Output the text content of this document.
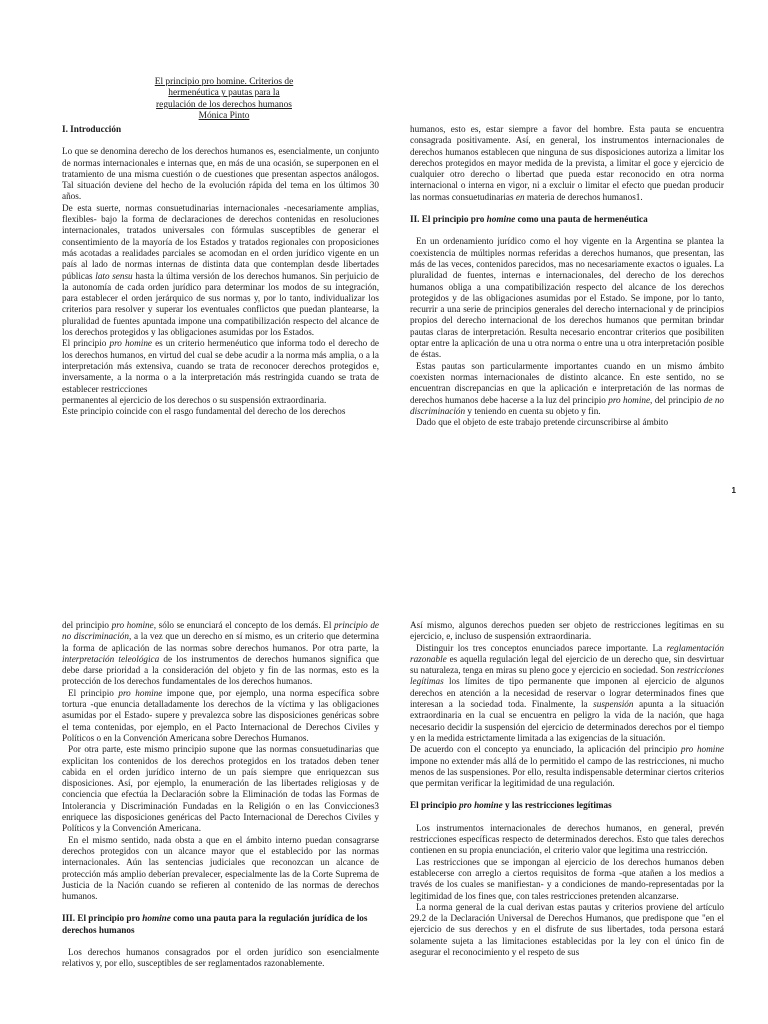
El principio pro homine. Criterios de
hermenéutica y pautas para la
regulación de los derechos humanos
Mónica Pinto

I. Introducción

Lo que se denomina derecho de los derechos humanos es, esencialmente, un conjunto de normas internacionales e internas que, en más de una ocasión, se superponen en el tratamiento de una misma cuestión o de cuestiones que presentan aspectos análogos. Tal situación deviene del hecho de la evolución rápida del tema en los últimos 30 años.

De esta suerte, normas consuetudinarias internacionales -necesariamente amplias, flexibles- bajo la forma de declaraciones de derechos contenidas en resoluciones internacionales, tratados universales con fórmulas susceptibles de generar el consentimiento de la mayoría de los Estados y tratados regionales con proposiciones más acotadas a realidades parciales se acomodan en el orden jurídico vigente en un país al lado de normas internas de distinta data que contemplan desde libertades públicas lato sensu hasta la última versión de los derechos humanos. Sin perjuicio de la autonomía de cada orden jurídico para determinar los modos de su integración, para establecer el orden jerárquico de sus normas y, por lo tanto, individualizar los criterios para resolver y superar los eventuales conflictos que puedan plantearse, la pluralidad de fuentes apuntada impone una compatibilización respecto del alcance de los derechos protegidos y las obligaciones asumidas por los Estados.

El principio pro homine es un criterio hermenéutico que informa todo el derecho de los derechos humanos, en virtud del cual se debe acudir a la norma más amplia, o a la interpretación más extensiva, cuando se trata de reconocer derechos protegidos e, inversamente, a la norma o a la interpretación más restringida cuando se trata de establecer restricciones

permanentes al ejercicio de los derechos o su suspensión extraordinaria.

Este principio coincide con el rasgo fundamental del derecho de los derechos

humanos, esto es, estar siempre a favor del hombre. Esta pauta se encuentra consagrada positivamente. Así, en general, los instrumentos internacionales de derechos humanos establecen que ninguna de sus disposiciones autoriza a limitar los derechos protegidos en mayor medida de la prevista, a limitar el goce y ejercicio de cualquier otro derecho o libertad que pueda estar reconocido en otra norma internacional o interna en vigor, ni a excluir o limitar el efecto que puedan producir las normas consuetudinarias en materia de derechos humanos1.

II. El principio pro homine como una pauta de hermenéutica

En un ordenamiento jurídico como el hoy vigente en la Argentina se plantea la coexistencia de múltiples normas referidas a derechos humanos, que presentan, las más de las veces, contenidos parecidos, mas no necesariamente exactos o iguales. La pluralidad de fuentes, internas e internacionales, del derecho de los derechos humanos obliga a una compatibilización respecto del alcance de los derechos protegidos y de las obligaciones asumidas por el Estado. Se impone, por lo tanto, recurrir a una serie de principios generales del derecho internacional y de principios propios del derecho internacional de los derechos humanos que permitan brindar pautas claras de interpretación. Resulta necesario encontrar criterios que posibiliten optar entre la aplicación de una u otra norma o entre una u otra interpretación posible de éstas.

Estas pautas son particularmente importantes cuando en un mismo ámbito coexisten normas internacionales de distinto alcance. En este sentido, no se encuentran discrepancias en que la aplicación e interpretación de las normas de derechos humanos debe hacerse a la luz del principio pro homine, del principio de no discriminación y teniendo en cuenta su objeto y fin.

Dado que el objeto de este trabajo pretende circunscribirse al ámbito

1

del principio pro homine, sólo se enunciará el concepto de los demás. El principio de no discriminación, a la vez que un derecho en sí mismo, es un criterio que determina la forma de aplicación de las normas sobre derechos humanos. Por otra parte, la interpretación teleológica de los instrumentos de derechos humanos significa que debe darse prioridad a la consideración del objeto y fin de las normas, esto es la protección de los derechos fundamentales de los derechos humanos.

El principio pro homine impone que, por ejemplo, una norma específica sobre tortura -que enuncia detalladamente los derechos de la víctima y las obligaciones asumidas por el Estado- supere y prevalezca sobre las disposiciones genéricas sobre el tema contenidas, por ejemplo, en el Pacto Internacional de Derechos Civiles y Políticos o en la Convención Americana sobre Derechos Humanos.

Por otra parte, este mismo principio supone que las normas consuetudinarias que explicitan los contenidos de los derechos protegidos en los tratados deben tener cabida en el orden jurídico interno de un país siempre que enriquezcan sus disposiciones. Así, por ejemplo, la enumeración de las libertades religiosas y de conciencia que efectúa la Declaración sobre la Eliminación de todas las Formas de Intolerancia y Discriminación Fundadas en la Religión o en las Convicciones3 enriquece las disposiciones genéricas del Pacto Internacional de Derechos Civiles y Políticos y la Convención Americana.

En el mismo sentido, nada obsta a que en el ámbito interno puedan consagrarse derechos protegidos con un alcance mayor que el establecido por las normas internacionales. Aún las sentencias judiciales que reconozcan un alcance de protección más amplio deberían prevalecer, especialmente las de la Corte Suprema de Justicia de la Nación cuando se refieren al contenido de las normas de derechos humanos.

III. El principio pro homine como una pauta para la regulación jurídica de los derechos humanos

Los derechos humanos consagrados por el orden jurídico son esencialmente relativos y, por ello, susceptibles de ser reglamentados razonablemente.

Así mismo, algunos derechos pueden ser objeto de restricciones legítimas en su ejercicio, e, incluso de suspensión extraordinaria.

Distinguir los tres conceptos enunciados parece importante. La reglamentación razonable es aquella regulación legal del ejercicio de un derecho que, sin desvirtuar su naturaleza, tenga en miras su pleno goce y ejercicio en sociedad. Son restricciones legítimas los límites de tipo permanente que imponen al ejercicio de algunos derechos en atención a la necesidad de reservar o lograr determinados fines que interesan a la sociedad toda. Finalmente, la suspensión apunta a la situación extraordinaria en la cual se encuentra en peligro la vida de la nación, que haga necesario decidir la suspensión del ejercicio de determinados derechos por el tiempo y en la medida estrictamente limitada a las exigencias de la situación.

De acuerdo con el concepto ya enunciado, la aplicación del principio pro homine impone no extender más allá de lo permitido el campo de las restricciones, ni mucho menos de las suspensiones. Por ello, resulta indispensable determinar ciertos criterios que permitan verificar la legitimidad de una regulación.

El principio pro homine y las restricciones legítimas

Los instrumentos internacionales de derechos humanos, en general, prevén restricciones específicas respecto de determinados derechos. Esto que tales derechos contienen en su propia enunciación, el criterio valor que legitima una restricción.

Las restricciones que se impongan al ejercicio de los derechos humanos deben establecerse con arreglo a ciertos requisitos de forma -que atañen a los medios a través de los cuales se manifiestan- y a condiciones de mando-representadas por la legitimidad de los fines que, con tales restricciones pretenden alcanzarse.

La norma general de la cual derivan estas pautas y criterios proviene del artículo 29.2 de la Declaración Universal de Derechos Humanos, que predispone que "en el ejercicio de sus derechos y en el disfrute de sus libertades, toda persona estará solamente sujeta a las limitaciones establecidas por la ley con el único fin de asegurar el reconocimiento y el respeto de sus
